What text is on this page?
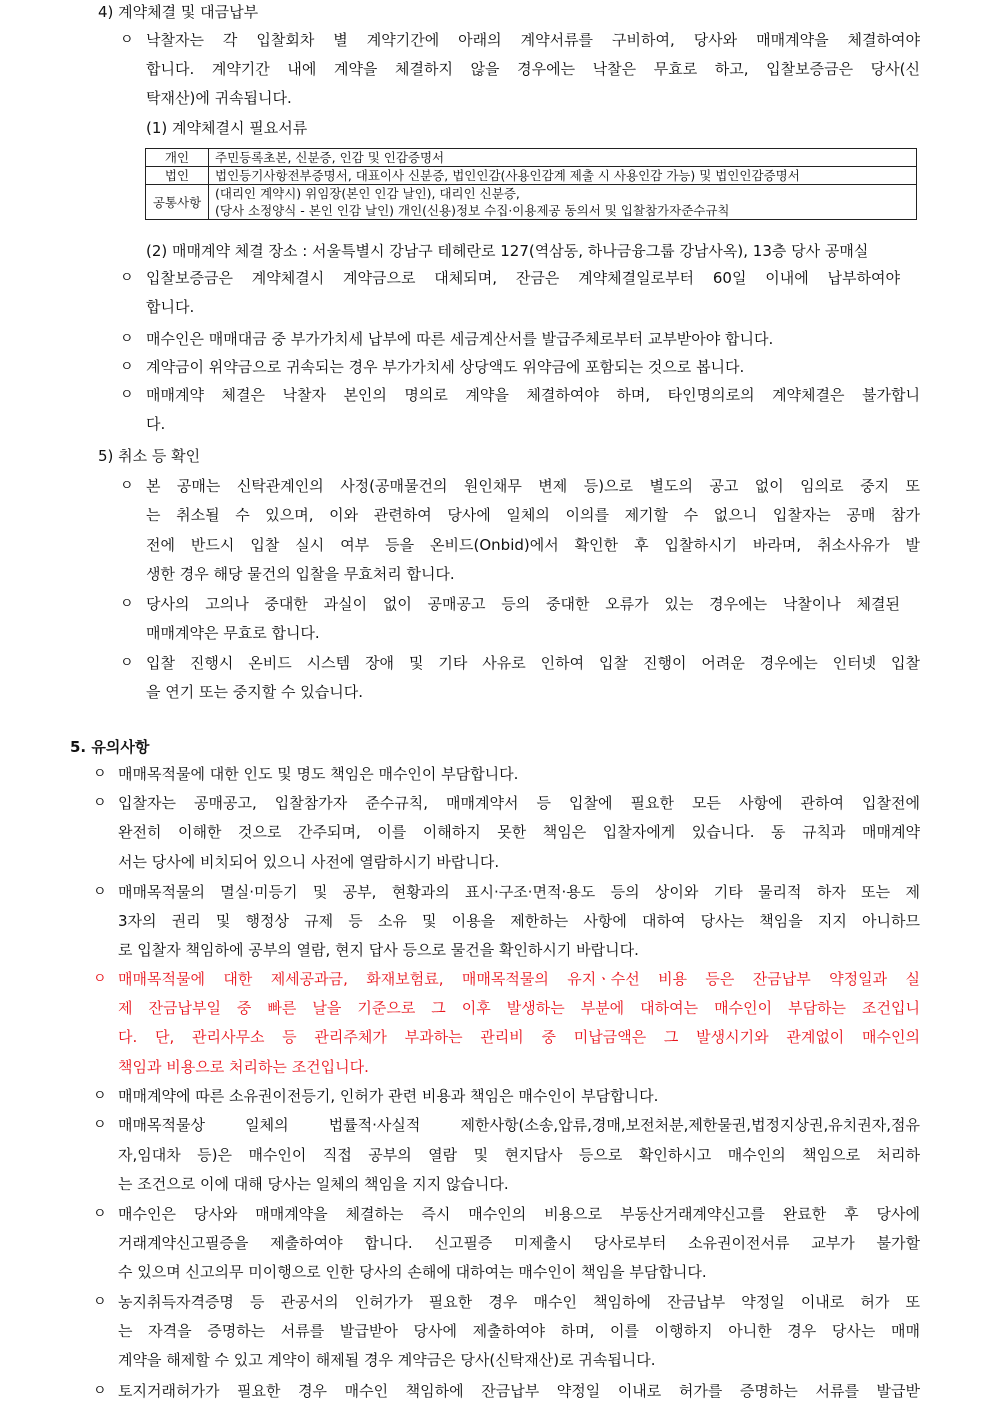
4) 계약체결 및 대금납부
ㅇ 낙찰자는 각 입찰회차 별 계약기간에 아래의 계약서류를 구비하여, 당사와 매매계약을 체결하여야
합니다. 계약기간 내에 계약을 체결하지 않을 경우에는 낙찰은 무효로 하고, 입찰보증금은 당사(신
탁재산)에 귀속됩니다.
(1) 계약체결시 필요서류
개인	주민등록초본, 신분증, 인감 및 인감증명서

법인	법인등기사항전부증명서, 대표이사 신분증, 법인인감(사용인감계 제출 시 사용인감 가능) 및 법인인감증명서

공통사항	(대리인 계약시) 위임장(본인 인감 날인), 대리인 신분증,
(당사 소정양식 - 본인 인감 날인) 개인(신용)정보 수집·이용제공 동의서 및 입찰참가자준수규칙
(2) 매매계약 체결 장소 : 서울특별시 강남구 테헤란로 127(역삼동, 하나금융그룹 강남사옥), 13층 당사 공매실
ㅇ 입찰보증금은 계약체결시 계약금으로 대체되며, 잔금은 계약체결일로부터 60일 이내에 납부하여야
합니다.
ㅇ 매수인은 매매대금 중 부가가치세 납부에 따른 세금계산서를 발급주체로부터 교부받아야 합니다.
ㅇ 계약금이 위약금으로 귀속되는 경우 부가가치세 상당액도 위약금에 포함되는 것으로 봅니다.
ㅇ 매매계약 체결은 낙찰자 본인의 명의로 계약을 체결하여야 하며, 타인명의로의 계약체결은 불가합니
다.
5) 취소 등 확인
ㅇ 본 공매는 신탁관계인의 사정(공매물건의 원인채무 변제 등)으로 별도의 공고 없이 임의로 중지 또
는 취소될 수 있으며, 이와 관련하여 당사에 일체의 이의를 제기할 수 없으니 입찰자는 공매 참가
전에 반드시 입찰 실시 여부 등을 온비드(Onbid)에서 확인한 후 입찰하시기 바라며, 취소사유가 발
생한 경우 해당 물건의 입찰을 무효처리 합니다.
ㅇ 당사의 고의나 중대한 과실이 없이 공매공고 등의 중대한 오류가 있는 경우에는 낙찰이나 체결된
매매계약은 무효로 합니다.
ㅇ 입찰 진행시 온비드 시스템 장애 및 기타 사유로 인하여 입찰 진행이 어려운 경우에는 인터넷 입찰
을 연기 또는 중지할 수 있습니다.
5. 유의사항
ㅇ 매매목적물에 대한 인도 및 명도 책임은 매수인이 부담합니다.
ㅇ 입찰자는 공매공고, 입찰참가자 준수규칙, 매매계약서 등 입찰에 필요한 모든 사항에 관하여 입찰전에
완전히 이해한 것으로 간주되며, 이를 이해하지 못한 책임은 입찰자에게 있습니다. 동 규칙과 매매계약
서는 당사에 비치되어 있으니 사전에 열람하시기 바랍니다.
ㅇ 매매목적물의 멸실·미등기 및 공부, 현황과의 표시·구조·면적·용도 등의 상이와 기타 물리적 하자 또는 제
3자의 권리 및 행정상 규제 등 소유 및 이용을 제한하는 사항에 대하여 당사는 책임을 지지 아니하므
로 입찰자 책임하에 공부의 열람, 현지 답사 등으로 물건을 확인하시기 바랍니다.
ㅇ 매매목적물에 대한 제세공과금, 화재보험료, 매매목적물의 유지ㆍ수선 비용 등은 잔금납부 약정일과 실
제 잔금납부일 중 빠른 날을 기준으로 그 이후 발생하는 부분에 대하여는 매수인이 부담하는 조건입니
다. 단, 관리사무소 등 관리주체가 부과하는 관리비 중 미납금액은 그 발생시기와 관계없이 매수인의
책임과 비용으로 처리하는 조건입니다.
ㅇ 매매계약에 따른 소유권이전등기, 인허가 관련 비용과 책임은 매수인이 부담합니다.
ㅇ 매매목적물상 일체의 법률적·사실적 제한사항(소송,압류,경매,보전처분,제한물권,법정지상권,유치권자,점유
자,임대차 등)은 매수인이 직접 공부의 열람 및 현지답사 등으로 확인하시고 매수인의 책임으로 처리하
는 조건으로 이에 대해 당사는 일체의 책임을 지지 않습니다.
ㅇ 매수인은 당사와 매매계약을 체결하는 즉시 매수인의 비용으로 부동산거래계약신고를 완료한 후 당사에
거래계약신고필증을 제출하여야 합니다. 신고필증 미제출시 당사로부터 소유권이전서류 교부가 불가할
수 있으며 신고의무 미이행으로 인한 당사의 손해에 대하여는 매수인이 책임을 부담합니다.
ㅇ 농지취득자격증명 등 관공서의 인허가가 필요한 경우 매수인 책임하에 잔금납부 약정일 이내로 허가 또
는 자격을 증명하는 서류를 발급받아 당사에 제출하여야 하며, 이를 이행하지 아니한 경우 당사는 매매
계약을 해제할 수 있고 계약이 해제될 경우 계약금은 당사(신탁재산)로 귀속됩니다.
ㅇ 토지거래허가가 필요한 경우 매수인 책임하에 잔금납부 약정일 이내로 허가를 증명하는 서류를 발급받
